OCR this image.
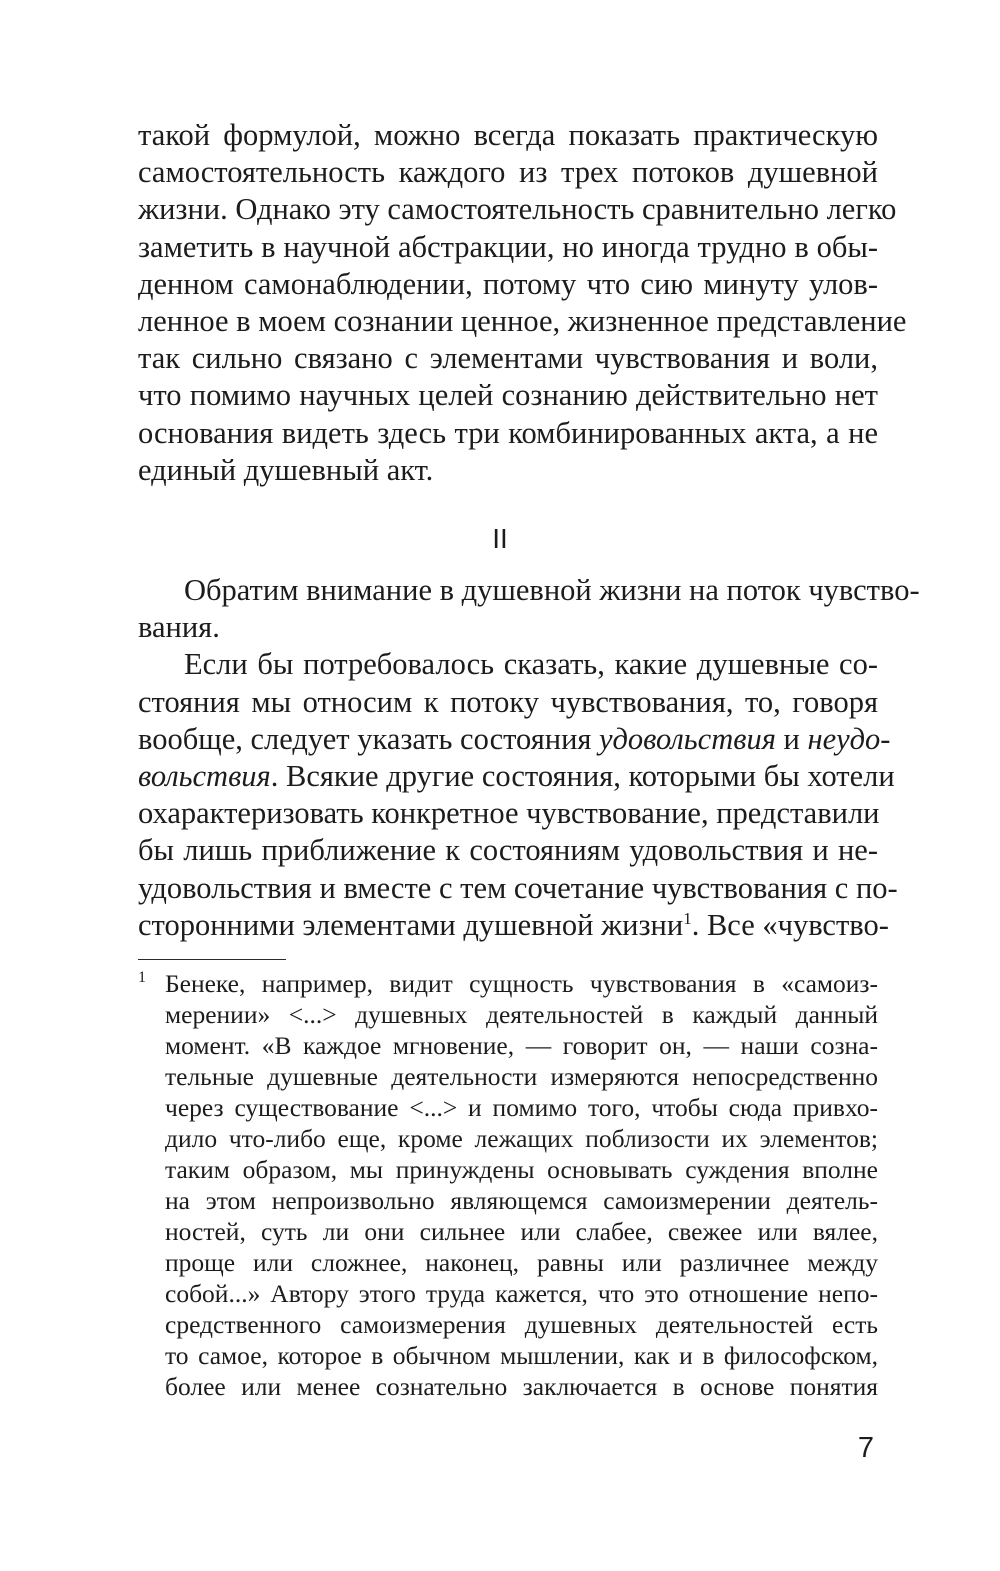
такой формулой, можно всегда показать практическую
самостоятельность каждого из трех потоков душевной
жизни. Однако эту самостоятельность сравнительно легко
заметить в научной абстракции, но иногда трудно в обы-
денном самонаблюдении, потому что сию минуту улов-
ленное в моем сознании ценное, жизненное представление
так сильно связано с элементами чувствования и воли,
что помимо научных целей сознанию действительно нет
основания видеть здесь три комбинированных акта, а не
единый душевный акт.
II
Обратим внимание в душевной жизни на поток чувство-
вания.
Если бы потребовалось сказать, какие душевные со-
стояния мы относим к потоку чувствования, то, говоря
вообще, следует указать состояния удовольствия и неудо-
вольствия. Всякие другие состояния, которыми бы хотели
охарактеризовать конкретное чувствование, представили
бы лишь приближение к состояниям удовольствия и не-
удовольствия и вместе с тем сочетание чувствования с по-
сторонними элементами душевной жизни$^1$. Все «чувство-
1 Бенеке, например, видит сущность чувствования в «самоиз-
мерении» <...> душевных деятельностей в каждый данный
момент. «В каждое мгновение, — говорит он, — наши созна-
тельные душевные деятельности измеряются непосредственно
через существование <...> и помимо того, чтобы сюда привхо-
дило что-либо еще, кроме лежащих поблизости их элементов;
таким образом, мы принуждены основывать суждения вполне
на этом непроизвольно являющемся самоизмерении деятель-
ностей, суть ли они сильнее или слабее, свежее или вялее,
проще или сложнее, наконец, равны или различнее между
собой...» Автору этого труда кажется, что это отношение непо-
средственного самоизмерения душевных деятельностей есть
то самое, которое в обычном мышлении, как и в философском,
более или менее сознательно заключается в основе понятия
7
